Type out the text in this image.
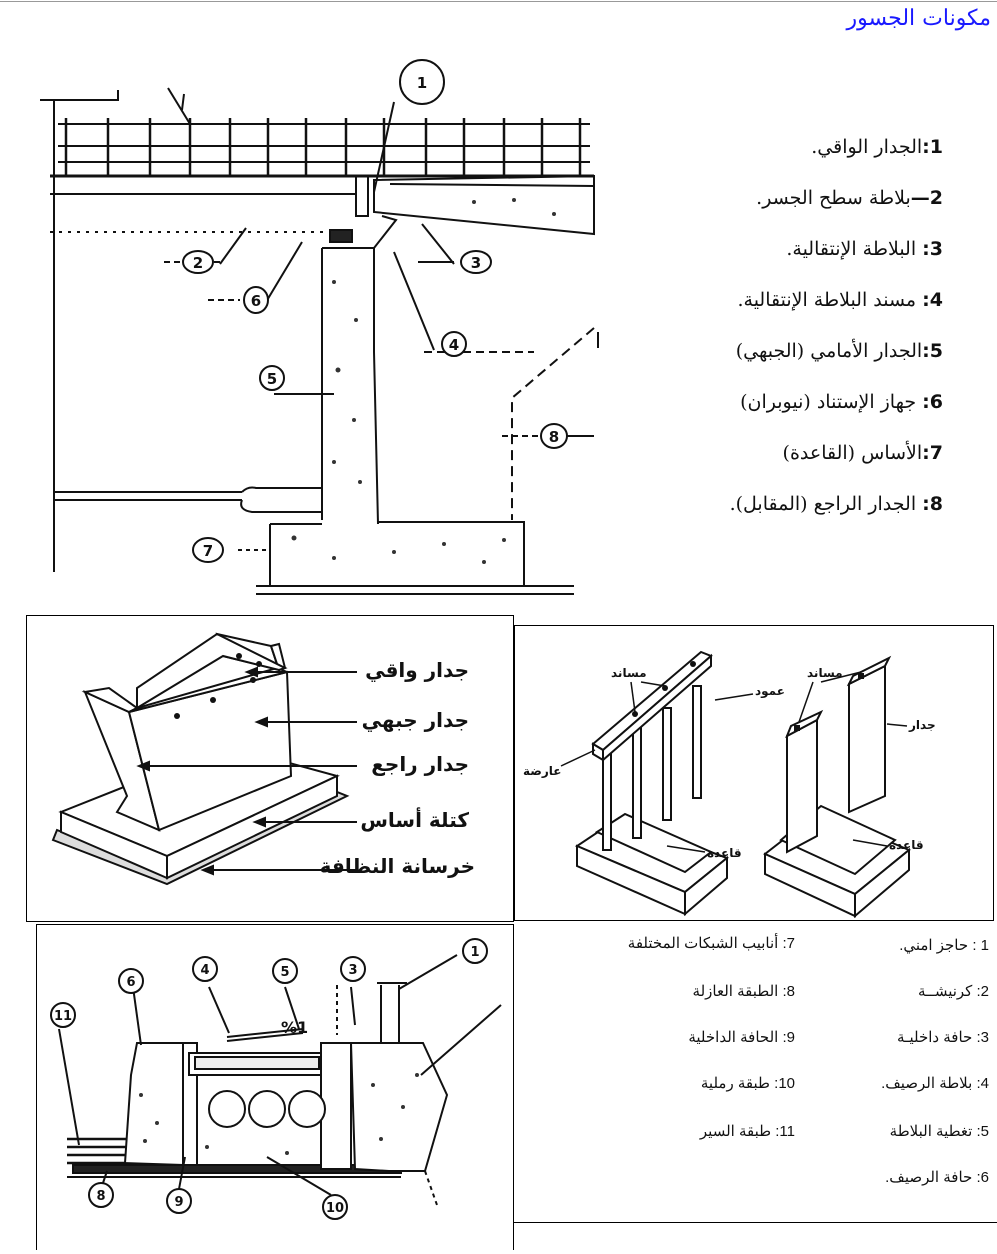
مكونات الجسور
1
2	3
4
5
6
7
8
1:الجدار الواقي.
2—بلاطة سطح الجسر.
3: البلاطة الإنتقالية.
4: مسند البلاطة الإنتقالية.
5:الجدار الأمامي (الجبهي)
6: جهاز الإستناد (نيوبران)
7:الأساس (القاعدة)
8: الجدار الراجع (المقابل).
جدار واقي
جدار جبهي
جدار راجع
كتلة أساس
خرسانة النظافة
مساند
عمود
عارضة
قاعدة
مساند
جدار
قاعدة
%1
1
3
5
4
6
11
8	9	10
1 : حاجز امني.
2: كرنيشــة
3: حافة داخليـة
4: بلاطة الرصيف.
5: تغطية البلاطة
6: حافة الرصيف.
7: أنابيب الشبكات المختلفة
8: الطبقة العازلة
9: الحافة الداخلية
10: طبقة رملية
11: طبقة السير
